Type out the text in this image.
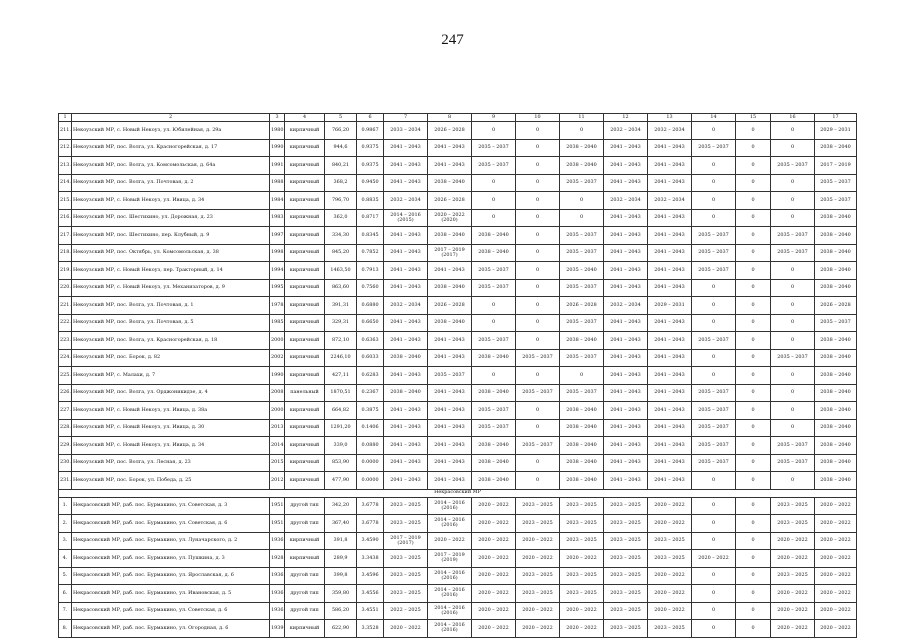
247
1	2	3	4	5	6	7	8	9	10	11	12	13	14	15	16	17
211.	Некоузский МР, с. Новый Некоуз, ул. Юбилейная, д. 29а	1980	кирпичный	766,20	0.9867	2033 – 2034	2026 – 2028	0	0	0	2032 – 2034	2032 – 2034	0	0	0	2029 – 2031
212.	Некоузский МР, пос. Волга, ул. Красногорейская, д. 17	1990	кирпичный	944,6	0.9375	2041 – 2043	2041 – 2043	2035 – 2037	0	2038 – 2040	2041 – 2043	2041 – 2043	2035 – 2037	0	0	2038 – 2040
213.	Некоузский МР, пос. Волга, ул. Комсомольская, д. 64а	1991	кирпичный	840,21	0.9375	2041 – 2043	2041 – 2043	2035 – 2037	0	2038 – 2040	2041 – 2043	2041 – 2043	0	0	2035 – 2037	2017 – 2019
214.	Некоузский МР, пос. Волга, ул. Почтовая, д. 2	1988	кирпичный	368,2	0.9450	2041 – 2043	2038 – 2040	0	0	2035 – 2037	2041 – 2043	2041 – 2043	0	0	0	2035 – 2037
215.	Некоузский МР, с. Новый Некоуз, ул. Ивица, д. 34	1984	кирпичный	796,70	0.8835	2032 – 2034	2026 – 2028	0	0	0	2032 – 2034	2032 – 2034	0	0	0	2035 – 2037
216.	Некоузский МР, пос. Шестихино, ул. Дорожная, д. 23	1983	кирпичный	362,0	0.8717	2014 – 2016 (2015)	2020 – 2022 (2020)	0	0	0	2041 – 2043	2041 – 2043	0	0	0	2038 – 2040
217.	Некоузский МР, пос. Шестихино, пер. Клубный, д. 9	1997	кирпичный	334,30	0.8345	2041 – 2043	2038 – 2040	2038 – 2040	0	2035 – 2037	2041 – 2043	2041 – 2043	2035 – 2037	0	2035 – 2037	2038 – 2040
218.	Некоузский МР, пос. Октябрь, ул. Комсомольская, д. 38	1998	кирпичный	845,20	0.7852	2041 – 2043	2017 – 2019 (2017)	2038 – 2040	0	2035 – 2037	2041 – 2043	2041 – 2043	2035 – 2037	0	2035 – 2037	2038 – 2040
219.	Некоузский МР, с. Новый Некоуз, пер. Тракторный, д. 14	1994	кирпичный	1463,50	0.7913	2041 – 2043	2041 – 2043	2035 – 2037	0	2035 – 2040	2041 – 2043	2041 – 2043	2035 – 2037	0	0	2038 – 2040
220.	Некоузский МР, с. Новый Некоуз, ул. Механизаторов, д. 9	1995	кирпичный	863,60	0.7560	2041 – 2043	2038 – 2040	2035 – 2037	0	2035 – 2037	2041 – 2043	2041 – 2043	0	0	0	2038 – 2040
221.	Некоузский МР, пос. Волга, ул. Почтовая, д. 1	1978	кирпичный	391,31	0.6880	2032 – 2034	2026 – 2028	0	0	2026 – 2028	2032 – 2034	2029 – 2031	0	0	0	2026 – 2028
222.	Некоузский МР, пос. Волга, ул. Почтовая, д. 5	1985	кирпичный	329,31	0.6650	2041 – 2043	2038 – 2040	0	0	2035 – 2037	2041 – 2043	2041 – 2043	0	0	0	2035 – 2037
223.	Некоузский МР, пос. Волга, ул. Красногорейская, д. 18	2000	кирпичный	872,10	0.6363	2041 – 2043	2041 – 2043	2035 – 2037	0	2038 – 2040	2041 – 2043	2041 – 2043	2035 – 2037	0	0	2038 – 2040
224.	Некоузский МР, пос. Борок, д. 82	2002	кирпичный	2246,10	0.6033	2038 – 2040	2041 – 2043	2038 – 2040	2035 – 2037	2035 – 2037	2041 – 2043	2041 – 2043	0	0	2035 – 2037	2038 – 2040
225.	Некоузский МР, с. Малахи, д. 7	1990	кирпичный	427,11	0.6283	2041 – 2043	2035 – 2037	0	0	0	2041 – 2043	2041 – 2043	0	0	0	2038 – 2040
226.	Некоузский МР, пос. Волга, ул. Орджоникидзе, д. 4	2008	панельный	1870,51	0.2367	2038 – 2040	2041 – 2043	2038 – 2040	2035 – 2037	2035 – 2037	2041 – 2043	2041 – 2043	2035 – 2037	0	0	2038 – 2040
227.	Некоузский МР, с. Новый Некоуз, ул. Ивица, д. 38а	2000	кирпичный	664,82	0.3875	2041 – 2043	2041 – 2043	2035 – 2037	0	2038 – 2040	2041 – 2043	2041 – 2043	2035 – 2037	0	0	2038 – 2040
228.	Некоузский МР, с. Новый Некоуз, ул. Ивица, д. 30	2013	кирпичный	1291,20	0.1406	2041 – 2043	2041 – 2043	2035 – 2037	0	2038 – 2040	2041 – 2043	2041 – 2043	2035 – 2037	0	0	2038 – 2040
229.	Некоузский МР, с. Новый Некоуз, ул. Ивица, д. 34	2014	кирпичный	339,0	0.0880	2041 – 2043	2041 – 2043	2038 – 2040	2035 – 2037	2038 – 2040	2041 – 2043	2041 – 2043	2035 – 2037	0	2035 – 2037	2038 – 2040
230.	Некоузский МР, пос. Волга, ул. Лесная, д. 23	2015	кирпичный	853,90	0.0000	2041 – 2043	2041 – 2043	2038 – 2040	0	2038 – 2040	2041 – 2043	2041 – 2043	2035 – 2037	0	2035 – 2037	2038 – 2040
231.	Некоузский МР, пос. Борок, ул. Победа, д. 25	2012	кирпичный	477,90	0.0000	2041 – 2043	2041 – 2043	2038 – 2040	0	2038 – 2040	2041 – 2043	2041 – 2043	0	0	0	2038 – 2040
Некрасовский МР																
1.	Некрасовский МР, раб. пос. Бурмакино, ул. Советская, д. 3	1951	другой тип	342,20	3.6778	2023 – 2025	2014 – 2016 (2016)	2020 – 2022	2023 – 2025	2023 – 2025	2023 – 2025	2020 – 2022	0	0	2023 – 2025	2020 – 2022
2.	Некрасовский МР, раб. пос. Бурмакино, ул. Советская, д. 6	1951	другой тип	367,40	3.6778	2023 – 2025	2014 – 2016 (2016)	2020 – 2022	2023 – 2025	2023 – 2025	2023 – 2025	2020 – 2022	0	0	2023 – 2025	2020 – 2022
3.	Некрасовский МР, раб. пос. Бурмакино, ул. Луначарского, д. 2	1936	кирпичный	391,8	3.4590	2017 – 2019 (2017)	2020 – 2022	2020 – 2022	2020 – 2022	2023 – 2025	2023 – 2025	2023 – 2025	0	0	2020 – 2022	2020 – 2022
4.	Некрасовский МР, раб. пос. Бурмакино, ул. Пушкина, д. 3	1928	кирпичный	289,9	3.3438	2023 – 2025	2017 – 2019 (2019)	2020 – 2022	2020 – 2022	2020 – 2022	2023 – 2025	2023 – 2025	2020 – 2022	0	2020 – 2022	2020 – 2022
5.	Некрасовский МР, раб. пос. Бурмакино, ул. Ярославская, д. 6	1936	другой тип	399,8	3.4596	2023 – 2025	2014 – 2016 (2016)	2020 – 2022	2023 – 2025	2023 – 2025	2023 – 2025	2020 – 2022	0	0	2023 – 2025	2020 – 2022
6.	Некрасовский МР, раб. пос. Бурмакино, ул. Ивановская, д. 5	1936	другой тип	359,80	3.4556	2023 – 2025	2014 – 2016 (2016)	2020 – 2022	2023 – 2025	2023 – 2025	2023 – 2025	2020 – 2022	0	0	2020 – 2022	2020 – 2022
7.	Некрасовский МР, раб. пос. Бурмакино, ул. Советская, д. 6	1936	другой тип	586,20	3.4551	2022 – 2025	2014 – 2016 (2016)	2020 – 2022	2020 – 2022	2020 – 2022	2023 – 2025	2020 – 2022	0	0	2020 – 2022	2020 – 2022
8.	Некрасовский МР, раб. пос. Бурмакино, ул. Огородная, д. 6	1939	кирпичный	622,90	3.3528	2020 – 2022	2014 – 2016 (2016)	2020 – 2022	2020 – 2022	2020 – 2022	2023 – 2025	2023 – 2025	0	0	2020 – 2022	2020 – 2022
